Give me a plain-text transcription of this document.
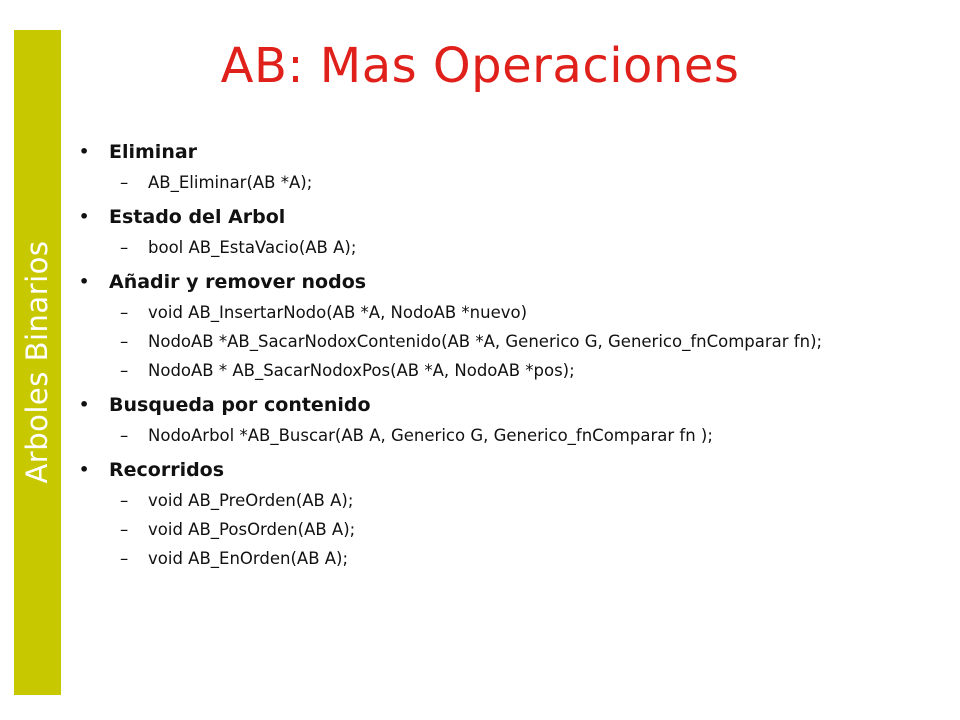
Arboles Binarios
AB: Mas Operaciones
• Eliminar
– AB_Eliminar(AB *A);
• Estado del Arbol
– bool AB_EstaVacio(AB A);
• Añadir y remover nodos
– void AB_InsertarNodo(AB *A, NodoAB *nuevo)
– NodoAB *AB_SacarNodoxContenido(AB *A, Generico G, Generico_fnComparar fn);
– NodoAB * AB_SacarNodoxPos(AB *A, NodoAB *pos);
• Busqueda por contenido
– NodoArbol *AB_Buscar(AB A, Generico G, Generico_fnComparar fn );
• Recorridos
– void AB_PreOrden(AB A);
– void AB_PosOrden(AB A);
– void AB_EnOrden(AB A);
